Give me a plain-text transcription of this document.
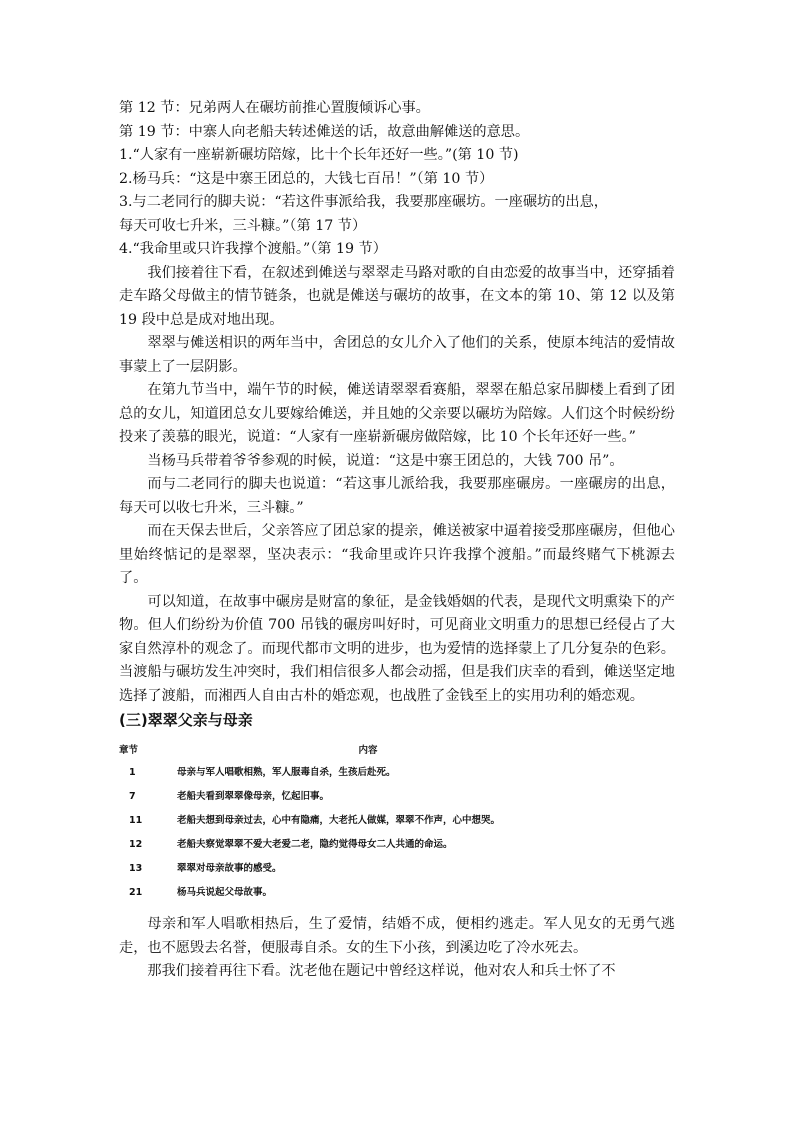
第 12 节：兄弟两人在碾坊前推心置腹倾诉心事。
第 19 节：中寨人向老船夫转述傩送的话，故意曲解傩送的意思。
1.“人家有一座崭新碾坊陪嫁，比十个长年还好一些。”(第 10 节)
2.杨马兵：“这是中寨王团总的，大钱七百吊！”（第 10 节）
3.与二老同行的脚夫说：“若这件事派给我，我要那座碾坊。一座碾坊的出息，
每天可收七升米，三斗糠。”（第 17 节）
4.“我命里或只许我撑个渡船。”（第 19 节）

我们接着往下看，在叙述到傩送与翠翠走马路对歌的自由恋爱的故事当中，还穿插着走车路父母做主的情节链条，也就是傩送与碾坊的故事，在文本的第 10、第 12 以及第 19 段中总是成对地出现。

翠翠与傩送相识的两年当中，舍团总的女儿介入了他们的关系，使原本纯洁的爱情故事蒙上了一层阴影。

在第九节当中，端午节的时候，傩送请翠翠看赛船，翠翠在船总家吊脚楼上看到了团总的女儿，知道团总女儿要嫁给傩送，并且她的父亲要以碾坊为陪嫁。人们这个时候纷纷投来了羡慕的眼光，说道：“人家有一座崭新碾房做陪嫁，比 10 个长年还好一些。”

当杨马兵带着爷爷参观的时候，说道：“这是中寨王团总的，大钱 700 吊”。

而与二老同行的脚夫也说道：“若这事儿派给我，我要那座碾房。一座碾房的出息，每天可以收七升米，三斗糠。”

而在天保去世后，父亲答应了团总家的提亲，傩送被家中逼着接受那座碾房，但他心里始终惦记的是翠翠，坚决表示：“我命里或许只许我撑个渡船。”而最终赌气下桃源去了。

可以知道，在故事中碾房是财富的象征，是金钱婚姻的代表，是现代文明熏染下的产物。但人们纷纷为价值 700 吊钱的碾房叫好时，可见商业文明重力的思想已经侵占了大家自然淳朴的观念了。而现代都市文明的进步，也为爱情的选择蒙上了几分复杂的色彩。当渡船与碾坊发生冲突时，我们相信很多人都会动摇，但是我们庆幸的看到，傩送坚定地选择了渡船，而湘西人自由古朴的婚恋观，也战胜了金钱至上的实用功利的婚恋观。

(三)翠翠父亲与母亲
章节	内容
1	母亲与军人唱歌相熟，军人服毒自杀，生孩后赴死。
7	老船夫看到翠翠像母亲，忆起旧事。
11	老船夫想到母亲过去，心中有隐痛，大老托人做媒，翠翠不作声，心中想哭。
12	老船夫察觉翠翠不爱大老爱二老，隐约觉得母女二人共通的命运。
13	翠翠对母亲故事的感受。
21	杨马兵说起父母故事。

母亲和军人唱歌相热后，生了爱情，结婚不成，便相约逃走。军人见女的无勇气逃走，也不愿毁去名誉，便服毒自杀。女的生下小孩，到溪边吃了冷水死去。

那我们接着再往下看。沈老他在题记中曾经这样说，他对农人和兵士怀了不
